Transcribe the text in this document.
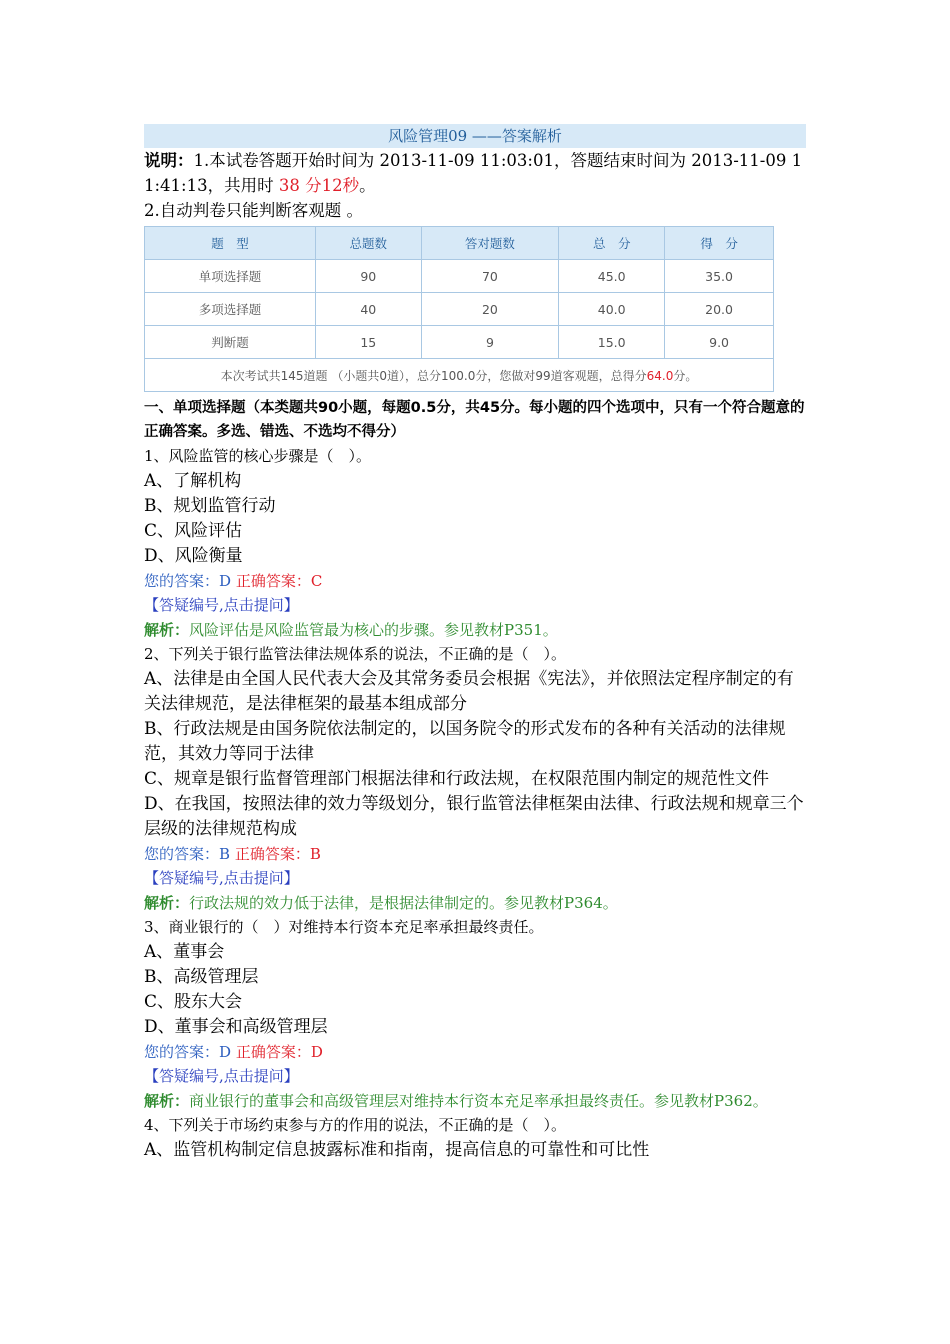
风险管理09 ——答案解析

说明：1.本试卷答题开始时间为 2013-11-09 11:03:01，答题结束时间为 2013-11-09 11:41:13，共用时 38 分12秒。

2.自动判卷只能判断客观题 。

题　型	总题数	答对题数	总　分	得　分
单项选择题	90	70	45.0	35.0
多项选择题	40	20	40.0	20.0
判断题	15	9	15.0	9.0
本次考试共145道题 （小题共0道），总分100.0分，您做对99道客观题，总得分64.0分。				

一、单项选择题（本类题共90小题，每题0.5分，共45分。每小题的四个选项中，只有一个符合题意的正确答案。多选、错选、不选均不得分）

1、风险监管的核心步骤是（　）。

A、了解机构

B、规划监管行动

C、风险评估

D、风险衡量

您的答案：D 正确答案：C

【答疑编号,点击提问】

解析：风险评估是风险监管最为核心的步骤。参见教材P351。

2、下列关于银行监管法律法规体系的说法，不正确的是（　）。

A、法律是由全国人民代表大会及其常务委员会根据《宪法》，并依照法定程序制定的有关法律规范，是法律框架的最基本组成部分

B、行政法规是由国务院依法制定的，以国务院令的形式发布的各种有关活动的法律规范，其效力等同于法律

C、规章是银行监督管理部门根据法律和行政法规，在权限范围内制定的规范性文件

D、在我国，按照法律的效力等级划分，银行监管法律框架由法律、行政法规和规章三个层级的法律规范构成

您的答案：B 正确答案：B

【答疑编号,点击提问】

解析：行政法规的效力低于法律，是根据法律制定的。参见教材P364。

3、商业银行的（　）对维持本行资本充足率承担最终责任。

A、董事会

B、高级管理层

C、股东大会

D、董事会和高级管理层

您的答案：D 正确答案：D

【答疑编号,点击提问】

解析：商业银行的董事会和高级管理层对维持本行资本充足率承担最终责任。参见教材P362。

4、下列关于市场约束参与方的作用的说法，不正确的是（　）。

A、监管机构制定信息披露标准和指南，提高信息的可靠性和可比性
